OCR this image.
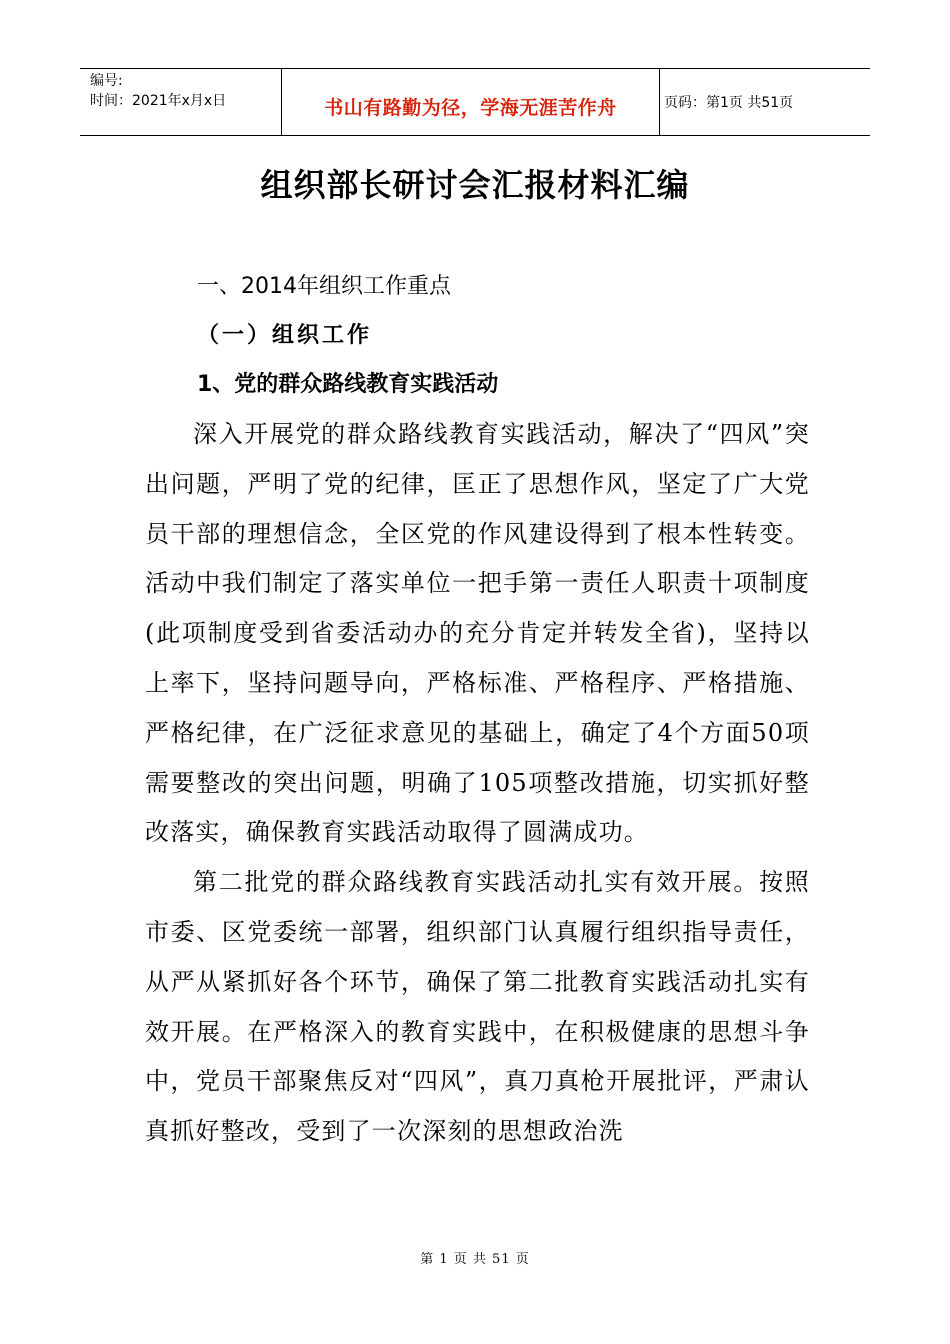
编号:
时间：2021年x月x日	书山有路勤为径，学海无涯苦作舟	页码：第1页 共51页
组织部长研讨会汇报材料汇编
一、2014年组织工作重点
（一）组织工作
1、党的群众路线教育实践活动

深入开展党的群众路线教育实践活动，解决了“四风”突出问题，严明了党的纪律，匡正了思想作风，坚定了广大党员干部的理想信念，全区党的作风建设得到了根本性转变。活动中我们制定了落实单位一把手第一责任人职责十项制度(此项制度受到省委活动办的充分肯定并转发全省)，坚持以上率下，坚持问题导向，严格标准、严格程序、严格措施、严格纪律，在广泛征求意见的基础上，确定了4个方面50项需要整改的突出问题，明确了105项整改措施，切实抓好整改落实，确保教育实践活动取得了圆满成功。

第二批党的群众路线教育实践活动扎实有效开展。按照市委、区党委统一部署，组织部门认真履行组织指导责任，从严从紧抓好各个环节，确保了第二批教育实践活动扎实有效开展。在严格深入的教育实践中，在积极健康的思想斗争中，党员干部聚焦反对“四风”，真刀真枪开展批评，严肃认真抓好整改，受到了一次深刻的思想政治洗

第 1 页 共 51 页
